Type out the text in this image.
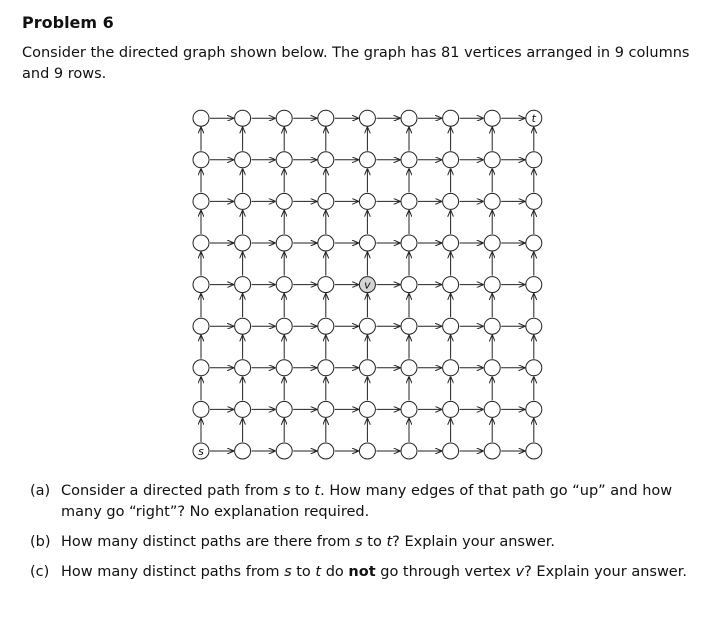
Problem 6

Consider the directed graph shown below. The graph has 81 vertices arranged in 9 columns
and 9 rows.

s
v
t
(a) Consider a directed path from s to t. How many edges of that path go “up” and how
many go “right”? No explanation required.
(b) How many distinct paths are there from s to t? Explain your answer.
(c) How many distinct paths from s to t do not go through vertex v? Explain your answer.
